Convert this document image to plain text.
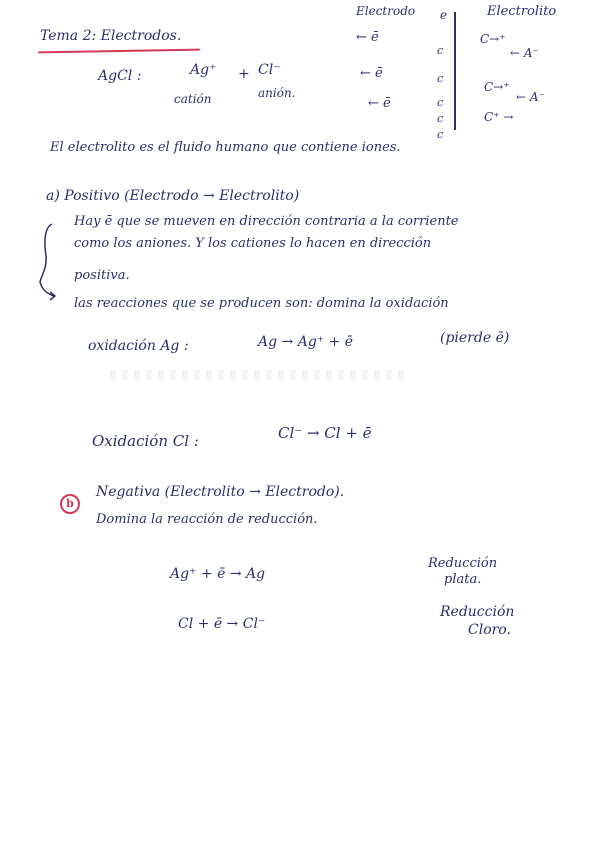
Tema 2: Electrodos.
Electrodo	Electrolito
e
← ē
← ē
← ē
c
c
c
c
c
C→⁺
← A⁻
C→⁺
← A⁻
C⁺ →
AgCl :	Ag⁺ + Cl⁻
catión	anión.
El electrolito es el fluido humano que contiene iones.
a) Positivo (Electrodo → Electrolito)
Hay ē que se mueven en dirección contraria a la corriente
como los aniones. Y los cationes lo hacen en dirección
positiva.
las reacciones que se producen son: domina la oxidación
oxidación Ag :	Ag → Ag⁺ + ē	(pierde ē)
Oxidación Cl :	Cl⁻ → Cl + ē
b
Negativa (Electrolito → Electrodo).
Domina la reacción de reducción.
Ag⁺ + ē → Ag
Reducción
plata.
Cl + ē → Cl⁻
Reducción
Cloro.
